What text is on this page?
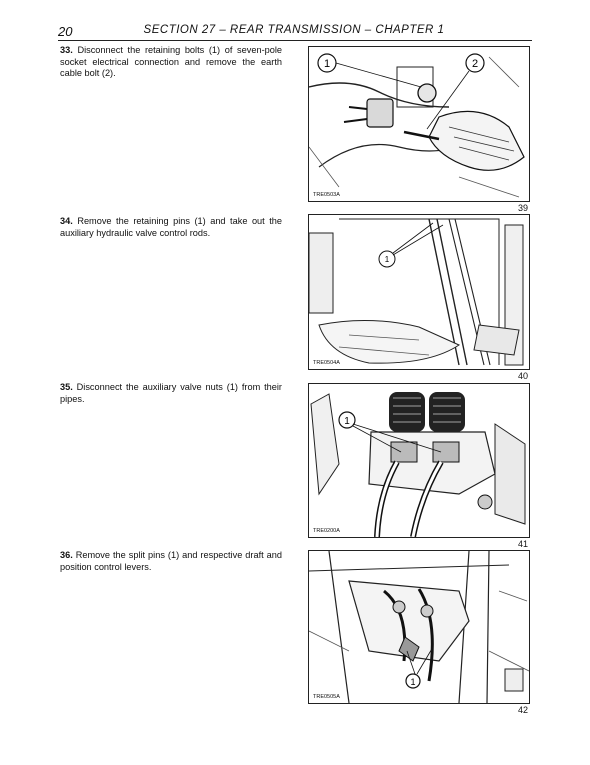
20	SECTION 27 – REAR TRANSMISSION – CHAPTER 1
33. Disconnect the retaining bolts (1) of seven-pole socket electrical connection and remove the earth cable bolt (2).
1	2
TRE0503A
39
34. Remove the retaining pins (1) and take out the auxiliary hydraulic valve control rods.
1
TRE0504A
40
35. Disconnect the auxiliary valve nuts (1) from their pipes.
1
TRE0200A
41
36. Remove the split pins (1) and respective draft and position control levers.
1
TRE0505A
42
